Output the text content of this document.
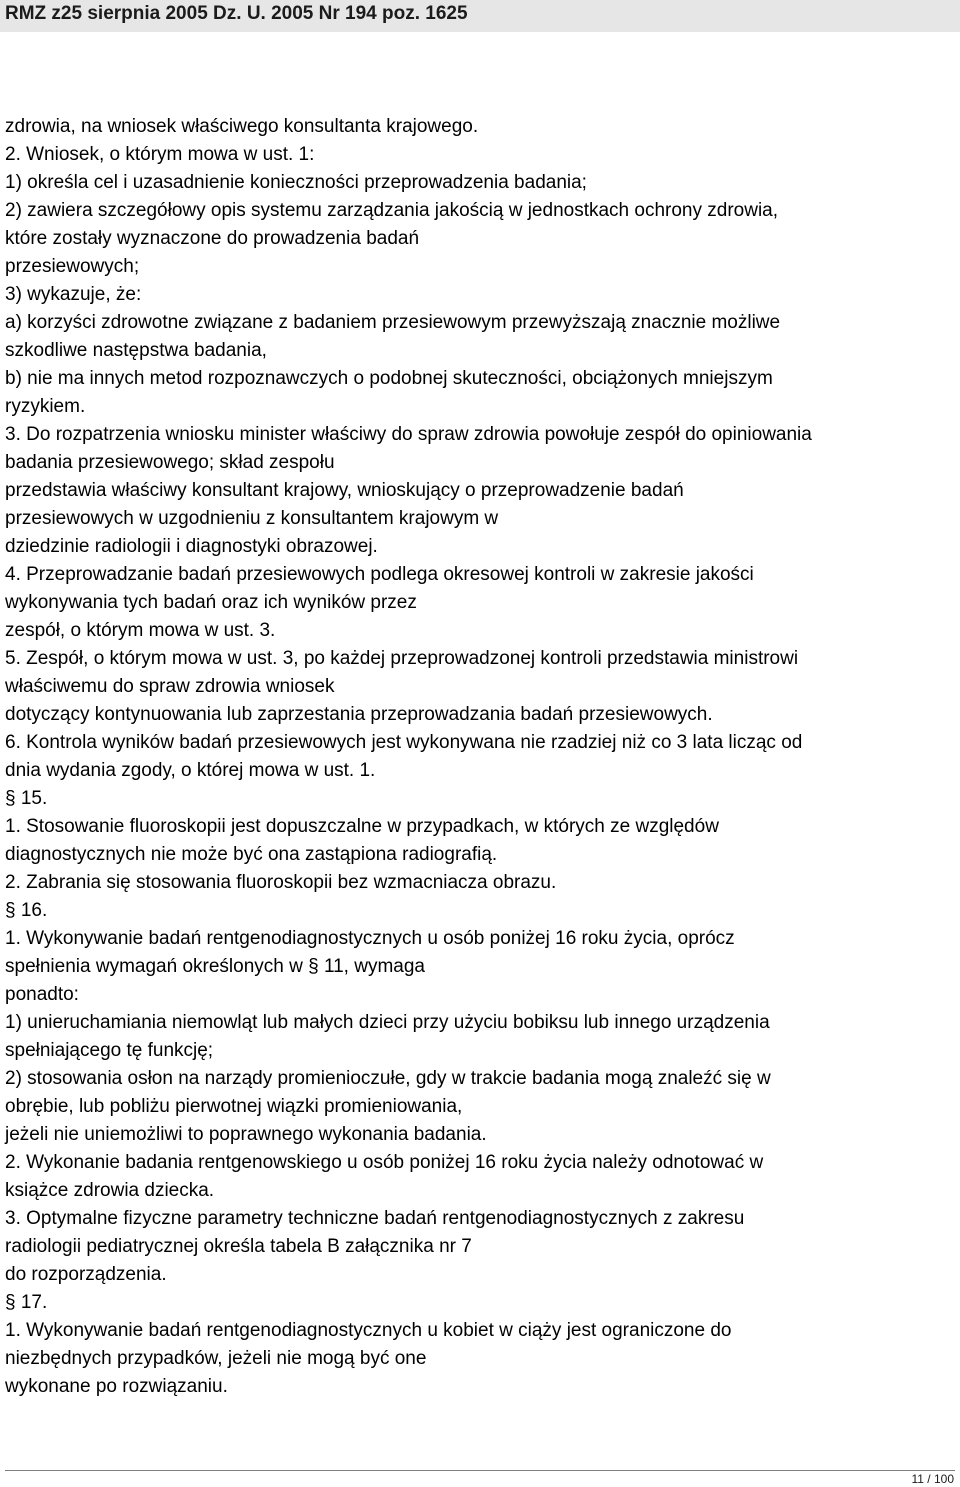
RMZ z25 sierpnia 2005 Dz. U. 2005 Nr 194 poz. 1625
zdrowia, na wniosek właściwego konsultanta krajowego.
2. Wniosek, o którym mowa w ust. 1:
1) określa cel i uzasadnienie konieczności przeprowadzenia badania;
2) zawiera szczegółowy opis systemu zarządzania jakością w jednostkach ochrony zdrowia,
które zostały wyznaczone do prowadzenia badań
przesiewowych;
3) wykazuje, że:
a) korzyści zdrowotne związane z badaniem przesiewowym przewyższają znacznie możliwe
szkodliwe następstwa badania,
b) nie ma innych metod rozpoznawczych o podobnej skuteczności, obciążonych mniejszym
ryzykiem.
3. Do rozpatrzenia wniosku minister właściwy do spraw zdrowia powołuje zespół do opiniowania
badania przesiewowego; skład zespołu
przedstawia właściwy konsultant krajowy, wnioskujący o przeprowadzenie badań
przesiewowych w uzgodnieniu z konsultantem krajowym w
dziedzinie radiologii i diagnostyki obrazowej.
4. Przeprowadzanie badań przesiewowych podlega okresowej kontroli w zakresie jakości
wykonywania tych badań oraz ich wyników przez
zespół, o którym mowa w ust. 3.
5. Zespół, o którym mowa w ust. 3, po każdej przeprowadzonej kontroli przedstawia ministrowi
właściwemu do spraw zdrowia wniosek
dotyczący kontynuowania lub zaprzestania przeprowadzania badań przesiewowych.
6. Kontrola wyników badań przesiewowych jest wykonywana nie rzadziej niż co 3 lata licząc od
dnia wydania zgody, o której mowa w ust. 1.
§ 15.
1. Stosowanie fluoroskopii jest dopuszczalne w przypadkach, w których ze względów
diagnostycznych nie może być ona zastąpiona radiografią.
2. Zabrania się stosowania fluoroskopii bez wzmacniacza obrazu.
§ 16.
1. Wykonywanie badań rentgenodiagnostycznych u osób poniżej 16 roku życia, oprócz
spełnienia wymagań określonych w § 11, wymaga
ponadto:
1) unieruchamiania niemowląt lub małych dzieci przy użyciu bobiksu lub innego urządzenia
spełniającego tę funkcję;
2) stosowania osłon na narządy promienioczułe, gdy w trakcie badania mogą znaleźć się w
obrębie, lub pobliżu pierwotnej wiązki promieniowania,
jeżeli nie uniemożliwi to poprawnego wykonania badania.
2. Wykonanie badania rentgenowskiego u osób poniżej 16 roku życia należy odnotować w
książce zdrowia dziecka.
3. Optymalne fizyczne parametry techniczne badań rentgenodiagnostycznych z zakresu
radiologii pediatrycznej określa tabela B załącznika nr 7
do rozporządzenia.
§ 17.
1. Wykonywanie badań rentgenodiagnostycznych u kobiet w ciąży jest ograniczone do
niezbędnych przypadków, jeżeli nie mogą być one
wykonane po rozwiązaniu.
11 / 100
